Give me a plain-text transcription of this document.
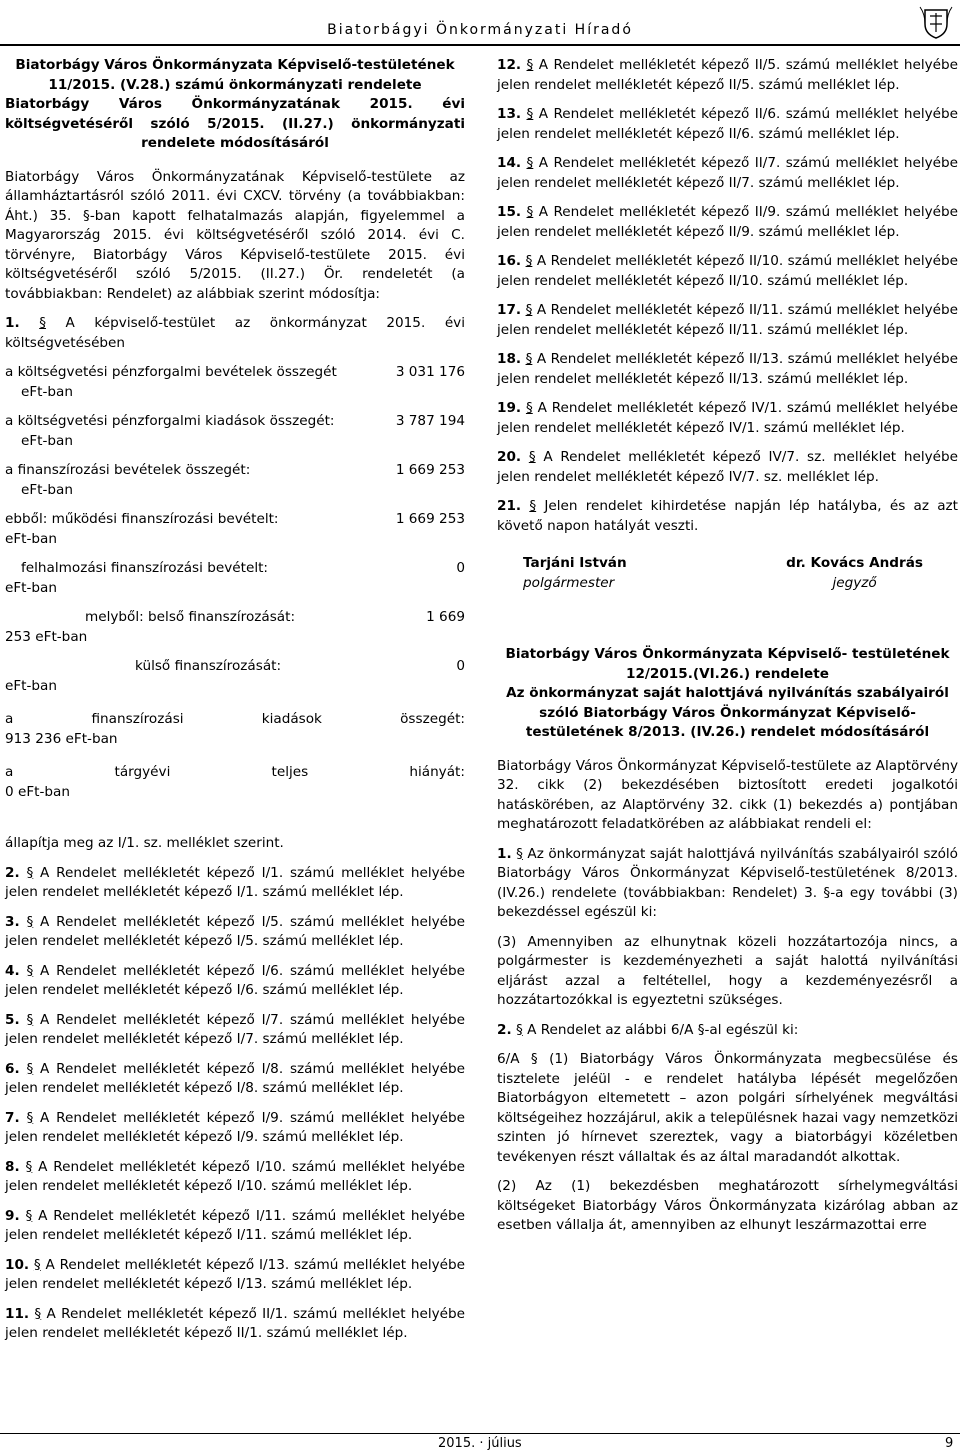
Biatorbágyi Önkormányzati Híradó
Biatorbágy Város Önkormányzata Képviselő-testületének
11/2015. (V.28.) számú önkormányzati rendelete
Biatorbágy Város Önkormányzatának 2015. évi költségvetéséről szóló 5/2015. (II.27.) önkormányzati rendelete módosításáról

Biatorbágy Város Önkormányzatának Képviselő-testülete az államháztartásról szóló 2011. évi CXCV. törvény (a továbbiakban: Áht.) 35. §-ban kapott felhatalmazás alapján, figyelemmel a Magyarország 2015. évi költségvetéséről szóló 2014. évi C. törvényre, Biatorbágy Város Képviselő-testülete 2015. évi költségvetéséről szóló 5/2015. (II.27.) Ör. rendeletét (a továbbiakban: Rendelet) az alábbiak szerint módosítja:

1. § A képviselő-testület az önkormányzat 2015. évi költségvetésében

a költségvetési pénzforgalmi bevételek összegét	3 031 176
eFt-ban
a költségvetési pénzforgalmi kiadások összegét:	3 787 194
eFt-ban
a finanszírozási bevételek összegét:	1 669 253
eFt-ban
ebből: működési finanszírozási bevételt:	1 669 253
eFt-ban
felhalmozási finanszírozási bevételt:	0
eFt-ban
melyből: belső finanszírozását:	1 669
253 eFt-ban
külső finanszírozását:	0
eFt-ban
a	finanszírozási	kiadások	összegét:
913 236 eFt-ban
a	tárgyévi	teljes	hiányát:
0 eFt-ban

állapítja meg az I/1. sz. melléklet szerint.

2. § A Rendelet mellékletét képező I/1. számú melléklet helyébe jelen rendelet mellékletét képező I/1. számú melléklet lép.

3. § A Rendelet mellékletét képező I/5. számú melléklet helyébe jelen rendelet mellékletét képező I/5. számú melléklet lép.

4. § A Rendelet mellékletét képező I/6. számú melléklet helyébe jelen rendelet mellékletét képező I/6. számú melléklet lép.

5. § A Rendelet mellékletét képező I/7. számú melléklet helyébe jelen rendelet mellékletét képező I/7. számú melléklet lép.

6. § A Rendelet mellékletét képező I/8. számú melléklet helyébe jelen rendelet mellékletét képező I/8. számú melléklet lép.

7. § A Rendelet mellékletét képező I/9. számú melléklet helyébe jelen rendelet mellékletét képező I/9. számú melléklet lép.

8. § A Rendelet mellékletét képező I/10. számú melléklet helyébe jelen rendelet mellékletét képező I/10. számú melléklet lép.

9. § A Rendelet mellékletét képező I/11. számú melléklet helyébe jelen rendelet mellékletét képező I/11. számú melléklet lép.

10. § A Rendelet mellékletét képező I/13. számú melléklet helyébe jelen rendelet mellékletét képező I/13. számú melléklet lép.

11. § A Rendelet mellékletét képező II/1. számú melléklet helyébe jelen rendelet mellékletét képező II/1. számú melléklet lép.

12. § A Rendelet mellékletét képező II/5. számú melléklet helyébe jelen rendelet mellékletét képező II/5. számú melléklet lép.

13. § A Rendelet mellékletét képező II/6. számú melléklet helyébe jelen rendelet mellékletét képező II/6. számú melléklet lép.

14. § A Rendelet mellékletét képező II/7. számú melléklet helyébe jelen rendelet mellékletét képező II/7. számú melléklet lép.

15. § A Rendelet mellékletét képező II/9. számú melléklet helyébe jelen rendelet mellékletét képező II/9. számú melléklet lép.

16. § A Rendelet mellékletét képező II/10. számú melléklet helyébe jelen rendelet mellékletét képező II/10. számú melléklet lép.

17. § A Rendelet mellékletét képező II/11. számú melléklet helyébe jelen rendelet mellékletét képező II/11. számú melléklet lép.

18. § A Rendelet mellékletét képező II/13. számú melléklet helyébe jelen rendelet mellékletét képező II/13. számú melléklet lép.

19. § A Rendelet mellékletét képező IV/1. számú melléklet helyébe jelen rendelet mellékletét képező IV/1. számú melléklet lép.

20. § A Rendelet mellékletét képező IV/7. sz. melléklet helyébe jelen rendelet mellékletét képező IV/7. sz. melléklet lép.

21. § Jelen rendelet kihirdetése napján lép hatályba, és az azt követő napon hatályát veszti.

Tarjáni István
polgármester
dr. Kovács András
jegyző
Biatorbágy Város Önkormányzata Képviselő- testületének
12/2015.(VI.26.) rendelete
Az önkormányzat saját halottjává nyilvánítás szabályairól szóló Biatorbágy Város Önkormányzat Képviselő-testületének 8/2013. (IV.26.) rendelet módosításáról

Biatorbágy Város Önkormányzat Képviselő-testülete az Alaptörvény 32. cikk (2) bekezdésében biztosított eredeti jogalkotói hatáskörében, az Alaptörvény 32. cikk (1) bekezdés a) pontjában meghatározott feladatkörében az alábbiakat rendeli el:

1. § Az önkormányzat saját halottjává nyilvánítás szabályairól szóló Biatorbágy Város Önkormányzat Képviselő-testületének 8/2013. (IV.26.) rendelete (továbbiakban: Rendelet) 3. §-a egy további (3) bekezdéssel egészül ki:

(3) Amennyiben az elhunytnak közeli hozzátartozója nincs, a polgármester is kezdeményezheti a saját halottá nyilvánítási eljárást azzal a feltétellel, hogy a kezdeményezésről a hozzátartozókkal is egyeztetni szükséges.

2. § A Rendelet az alábbi 6/A §-al egészül ki:

6/A § (1) Biatorbágy Város Önkormányzata megbecsülése és tisztelete jeléül - e rendelet hatályba lépését megelőzően Biatorbágyon eltemetett – azon polgári sírhelyének megváltási költségeihez hozzájárul, akik a településnek hazai vagy nemzetközi szinten jó hírnevet szereztek, vagy a biatorbágyi közéletben tevékenyen részt vállaltak és az által maradandót alkottak.

(2) Az (1) bekezdésben meghatározott sírhelymegváltási költségeket Biatorbágy Város Önkormányzata kizárólag abban az esetben vállalja át, amennyiben az elhunyt leszármazottai erre

2015. · július	9
